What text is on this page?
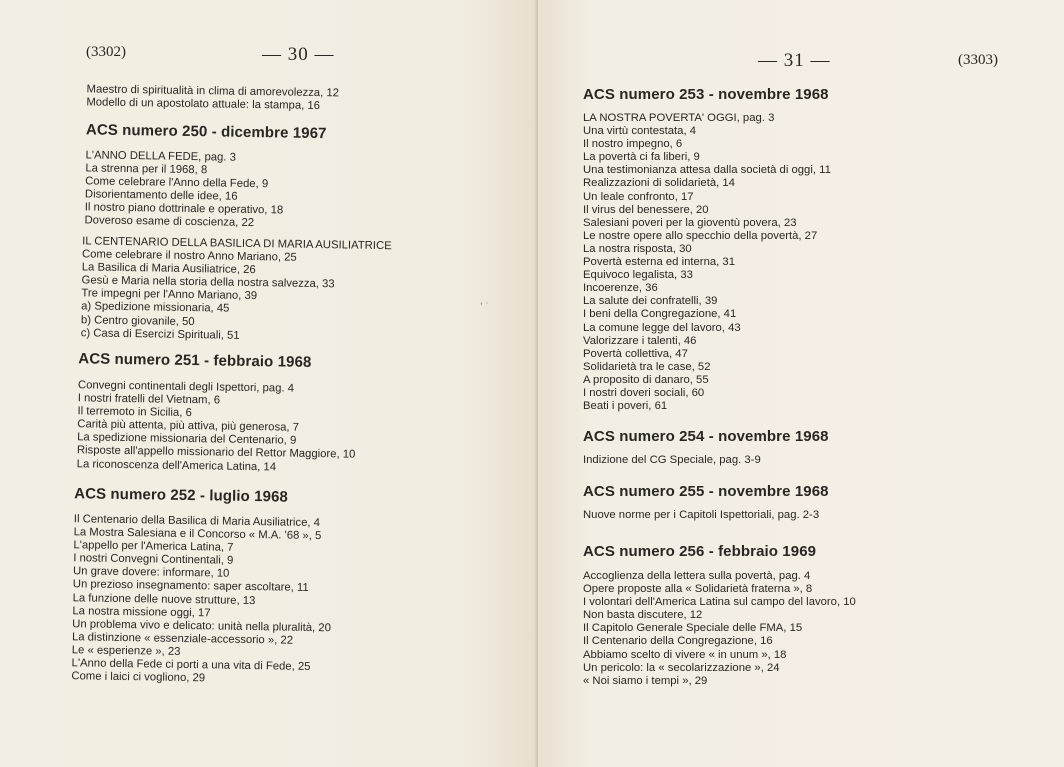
(3302)	— 30 —
Maestro di spiritualità in clima di amorevolezza, 12
Modello di un apostolato attuale: la stampa, 16
ACS numero 250 - dicembre 1967
L'ANNO DELLA FEDE, pag. 3
La strenna per il 1968, 8
Come celebrare l'Anno della Fede, 9
Disorientamento delle idee, 16
Il nostro piano dottrinale e operativo, 18
Doveroso esame di coscienza, 22
IL CENTENARIO DELLA BASILICA DI MARIA AUSILIATRICE
Come celebrare il nostro Anno Mariano, 25
La Basilica di Maria Ausiliatrice, 26
Gesù e Maria nella storia della nostra salvezza, 33
Tre impegni per l'Anno Mariano, 39
a) Spedizione missionaria, 45
b) Centro giovanile, 50
c) Casa di Esercizi Spirituali, 51
ACS numero 251 - febbraio 1968
Convegni continentali degli Ispettori, pag. 4
I nostri fratelli del Vietnam, 6
Il terremoto in Sicilia, 6
Carità più attenta, più attiva, più generosa, 7
La spedizione missionaria del Centenario, 9
Risposte all'appello missionario del Rettor Maggiore, 10
La riconoscenza dell'America Latina, 14
ACS numero 252 - luglio 1968
Il Centenario della Basilica di Maria Ausiliatrice, 4
La Mostra Salesiana e il Concorso « M.A. '68 », 5
L'appello per l'America Latina, 7
I nostri Convegni Continentali, 9
Un grave dovere: informare, 10
Un prezioso insegnamento: saper ascoltare, 11
La funzione delle nuove strutture, 13
La nostra missione oggi, 17
Un problema vivo e delicato: unità nella pluralità, 20
La distinzione « essenziale-accessorio », 22
Le « esperienze », 23
L'Anno della Fede ci porti a una vita di Fede, 25
Come i laici ci vogliono, 29
— 31 —	(3303)
ACS numero 253 - novembre 1968
LA NOSTRA POVERTA' OGGI, pag. 3
Una virtù contestata, 4
Il nostro impegno, 6
La povertà ci fa liberi, 9
Una testimonianza attesa dalla società di oggi, 11
Realizzazioni di solidarietà, 14
Un leale confronto, 17
Il virus del benessere, 20
Salesiani poveri per la gioventù povera, 23
Le nostre opere allo specchio della povertà, 27
La nostra risposta, 30
Povertà esterna ed interna, 31
Equivoco legalista, 33
Incoerenze, 36
La salute dei confratelli, 39
I beni della Congregazione, 41
La comune legge del lavoro, 43
Valorizzare i talenti, 46
Povertà collettiva, 47
Solidarietà tra le case, 52
A proposito di danaro, 55
I nostri doveri sociali, 60
Beati i poveri, 61
ACS numero 254 - novembre 1968
Indizione del CG Speciale, pag. 3-9
ACS numero 255 - novembre 1968
Nuove norme per i Capitoli Ispettoriali, pag. 2-3
ACS numero 256 - febbraio 1969
Accoglienza della lettera sulla povertà, pag. 4
Opere proposte alla « Solidarietà fraterna », 8
I volontari dell'America Latina sul campo del lavoro, 10
Non basta discutere, 12
Il Capitolo Generale Speciale delle FMA, 15
Il Centenario della Congregazione, 16
Abbiamo scelto di vivere « in unum », 18
Un pericolo: la « secolarizzazione », 24
« Noi siamo i tempi », 29
’ ˙
